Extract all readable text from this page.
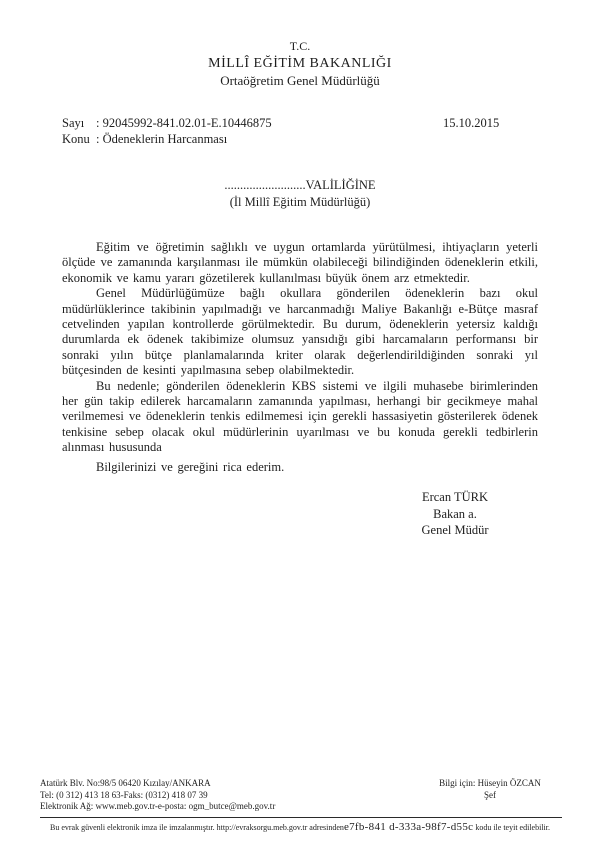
T.C.
MİLLÎ EĞİTİM BAKANLIĞI
Ortaöğretim Genel Müdürlüğü
Sayı : 92045992-841.02.01-E.10446875
Konu : Ödeneklerin Harcanması
15.10.2015
..........................VALİLİĞİNE
(İl Millî Eğitim Müdürlüğü)

Eğitim ve öğretimin sağlıklı ve uygun ortamlarda yürütülmesi, ihtiyaçların yeterli ölçüde ve zamanında karşılanması ile mümkün olabileceği bilindiğinden ödeneklerin etkili, ekonomik ve kamu yararı gözetilerek kullanılması büyük önem arz etmektedir.

Genel Müdürlüğümüze bağlı okullara gönderilen ödeneklerin bazı okul müdürlüklerince takibinin yapılmadığı ve harcanmadığı Maliye Bakanlığı e-Bütçe masraf cetvelinden yapılan kontrollerde görülmektedir. Bu durum, ödeneklerin yetersiz kaldığı durumlarda ek ödenek takibimize olumsuz yansıdığı gibi harcamaların performansı bir sonraki yılın bütçe planlamalarında kriter olarak değerlendirildiğinden sonraki yıl bütçesinden de kesinti yapılmasına sebep olabilmektedir.

Bu nedenle; gönderilen ödeneklerin KBS sistemi ve ilgili muhasebe birimlerinden her gün takip edilerek harcamaların zamanında yapılması, herhangi bir gecikmeye mahal verilmemesi ve ödeneklerin tenkis edilmemesi için gerekli hassasiyetin gösterilerek ödenek tenkisine sebep olacak okul müdürlerinin uyarılması ve bu konuda gerekli tedbirlerin alınması hususunda

Bilgilerinizi ve gereğini rica ederim.

Ercan TÜRK
Bakan a.
Genel Müdür
Atatürk Blv. No:98/5 06420 Kızılay/ANKARA
Tel: (0 312) 413 18 63-Faks: (0312) 418 07 39
Elektronik Ağ: www.meb.gov.tr-e-posta: ogm_butce@meb.gov.tr
Bilgi için: Hüseyin ÖZCAN
Şef
Bu evrak güvenli elektronik imza ile imzalanmıştır. http://evraksorgu.meb.gov.tr adresindene7fb-841 d-333a-98f7-d55c kodu ile teyit edilebilir.
